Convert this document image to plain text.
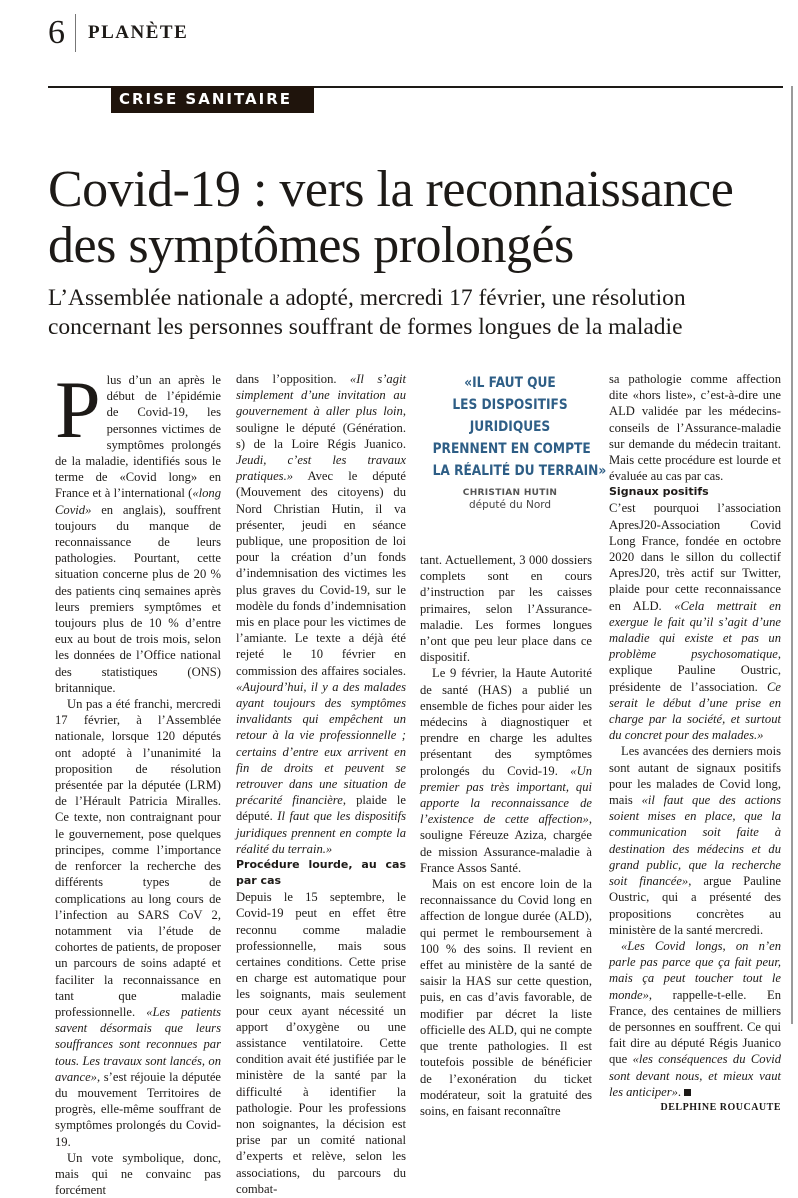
6 PLANÈTE
CRISE SANITAIRE
Covid-19 : vers la reconnaissance
des symptômes prolongés
L’Assemblée nationale a adopté, mercredi 17 février, une résolution concernant les personnes souffrant de formes longues de la maladie

Plus d’un an après le début de l’épidémie de Covid-19, les personnes victimes de symptômes prolongés de la maladie, identifiés sous le terme de «Covid long» en France et à l’international («long Covid» en anglais), souffrent toujours du manque de reconnaissance de leurs pathologies. Pourtant, cette situation concerne plus de 20 % des patients cinq semaines après leurs premiers symptômes et toujours plus de 10 % d’entre eux au bout de trois mois, selon les données de l’Office national des statistiques (ONS) britannique.

Un pas a été franchi, mercredi 17 février, à l’Assemblée nationale, lorsque 120 députés ont adopté à l’unanimité la proposition de résolution présentée par la députée (LRM) de l’Hérault Patricia Miralles. Ce texte, non contraignant pour le gouvernement, pose quelques principes, comme l’importance de renforcer la recherche des différents types de complications au long cours de l’infection au SARS CoV 2, notamment via l’étude de cohortes de patients, de proposer un parcours de soins adapté et faciliter la reconnaissance en tant que maladie professionnelle. «Les patients savent désormais que leurs souffrances sont reconnues par tous. Les travaux sont lancés, on avance», s’est réjouie la députée du mouvement Territoires de progrès, elle-même souffrant de symptômes prolongés du Covid-19.

Un vote symbolique, donc, mais qui ne convainc pas forcément

dans l’opposition. «Il s’agit simplement d’une invitation au gouvernement à aller plus loin, souligne le député (Génération. s) de la Loire Régis Juanico. Jeudi, c’est les travaux pratiques.» Avec le député (Mouvement des citoyens) du Nord Christian Hutin, il va présenter, jeudi en séance publique, une proposition de loi pour la création d’un fonds d’indemnisation des victimes les plus graves du Covid-19, sur le modèle du fonds d’indemnisation mis en place pour les victimes de l’amiante. Le texte a déjà été rejeté le 10 février en commission des affaires sociales. «Aujourd’hui, il y a des malades ayant toujours des symptômes invalidants qui empêchent un retour à la vie professionnelle ; certains d’entre eux arrivent en fin de droits et peuvent se retrouver dans une situation de précarité financière, plaide le député. Il faut que les dispositifs juridiques prennent en compte la réalité du terrain.»

Procédure lourde, au cas par cas

Depuis le 15 septembre, le Covid-19 peut en effet être reconnu comme maladie professionnelle, mais sous certaines conditions. Cette prise en charge est automatique pour les soignants, mais seulement pour ceux ayant nécessité un apport d’oxygène ou une assistance ventilatoire. Cette condition avait été justifiée par le ministère de la santé par la difficulté à identifier la pathologie. Pour les professions non soignantes, la décision est prise par un comité national d’experts et relève, selon les associations, du parcours du combat-

«IL FAUT QUE
LES DISPOSITIFS
JURIDIQUES
PRENNENT EN COMPTE
LA RÉALITÉ DU TERRAIN»
CHRISTIAN HUTIN
député du Nord

tant. Actuellement, 3 000 dossiers complets sont en cours d’instruction par les caisses primaires, selon l’Assurance-maladie. Les formes longues n’ont que peu leur place dans ce dispositif.

Le 9 février, la Haute Autorité de santé (HAS) a publié un ensemble de fiches pour aider les médecins à diagnostiquer et prendre en charge les adultes présentant des symptômes prolongés du Covid-19. «Un premier pas très important, qui apporte la reconnaissance de l’existence de cette affection», souligne Féreuze Aziza, chargée de mission Assurance-maladie à France Assos Santé.

Mais on est encore loin de la reconnaissance du Covid long en affection de longue durée (ALD), qui permet le remboursement à 100 % des soins. Il revient en effet au ministère de la santé de saisir la HAS sur cette question, puis, en cas d’avis favorable, de modifier par décret la liste officielle des ALD, qui ne compte que trente pathologies. Il est toutefois possible de bénéficier de l’exonération du ticket modérateur, soit la gratuité des soins, en faisant reconnaître

sa pathologie comme affection dite «hors liste», c’est-à-dire une ALD validée par les médecins-conseils de l’Assurance-maladie sur demande du médecin traitant. Mais cette procédure est lourde et évaluée au cas par cas.

Signaux positifs

C’est pourquoi l’association ApresJ20-Association Covid Long France, fondée en octobre 2020 dans le sillon du collectif ApresJ20, très actif sur Twitter, plaide pour cette reconnaissance en ALD. «Cela mettrait en exergue le fait qu’il s’agit d’une maladie qui existe et pas un problème psychosomatique, explique Pauline Oustric, présidente de l’association. Ce serait le début d’une prise en charge par la société, et surtout du concret pour des malades.»

Les avancées des derniers mois sont autant de signaux positifs pour les malades de Covid long, mais «il faut que des actions soient mises en place, que la communication soit faite à destination des médecins et du grand public, que la recherche soit financée», argue Pauline Oustric, qui a présenté des propositions concrètes au ministère de la santé mercredi.

«Les Covid longs, on n’en parle pas parce que ça fait peur, mais ça peut toucher tout le monde», rappelle-t-elle. En France, des centaines de milliers de personnes en souffrent. Ce qui fait dire au député Régis Juanico que «les conséquences du Covid sont devant nous, et mieux vaut les anticiper».

DELPHINE ROUCAUTE
